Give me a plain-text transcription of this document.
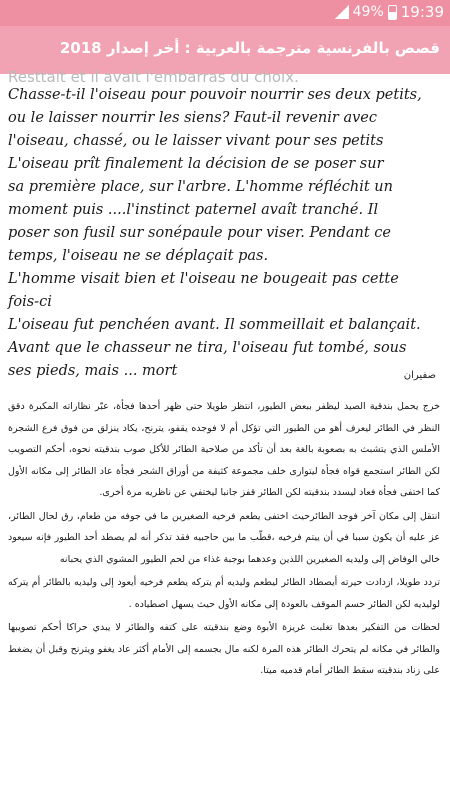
49% 19:39
قصص بالفرنسية مترجمة بالعربية : أخر إصدار 2018
Resttait et il avait l'embarras du choix.
Chasse-t-il l'oiseau pour pouvoir nourrir ses deux petits,
ou le laisser nourrir les siens? Faut-il revenir avec
l'oiseau, chassé, ou le laisser vivant pour ses petits
L'oiseau prît finalement la décision de se poser sur
sa première place, sur l'arbre. L'homme réfléchit un
moment puis ....l'instinct paternel avaît tranché. Il
poser son fusil sur sonépaule pour viser. Pendant ce
temps, l'oiseau ne se déplaçait pas.
L'homme visait bien et l'oiseau ne bougeait pas cette
fois-ci
L'oiseau fut penchéen avant. Il sommeillait et balançait.
Avant que le chasseur ne tira, l'oiseau fut tombé, sous
ses pieds, mais ... mort	صفيران

خرج يحمل بندقية الصيد ليظفر ببعض الطيور، انتظر طويلا حتى ظهر أحدها فجأة، عبّر نظاراته المكبرة دقق النظر في الطائر ليعرف أهو من الطيور التي تؤكل أم لا فوجده يقفو، يترنح، يكاد ينزلق من فوق فرع الشجرة الأملس الذي يتشبث به بصعوبة بالغة بعد أن تأكد من صلاحية الطائر للأكل صوب بندقيته نحوه، أحكم التصويب لكن الطائر استجمع قواه فجأة ليتوارى خلف مجموعة كثيفة من أوراق الشجر فجأة عاد الطائر إلى مكانه الأول كما اختفى فجأة فعاد ليسدد بندقيته لكن الطائر قفز جانبا ليختفي عن ناظريه مرة أخرى.

انتقل إلى مكان آخر فوجد الطائرحيث اختفى يطعم فرخيه الصغيرين ما في جوفه من طعام، رق لحال الطائر، عز عليه أن يكون سببا في أن ييتم فرخيه ،قطّب ما بين حاجبيه فقد تذكر أنه لم يصطد أحد الطيور فإنه سيعود خالي الوفاض إلى وليديه الصغيرين اللذين وعدهما بوجبة غذاء من لحم الطيور المشوي الذي يحبانه

تردد طويلا، ازدادت حيرته أيصطاد الطائر ليطعم وليديه أم يتركه يطعم فرخيه أيعود إلى وليديه بالطائر أم يتركه لوليديه لكن الطائر حسم الموقف بالعودة إلى مكانه الأول حيث يسهل اصطياده .

لحظات من التفكير بعدها تغلبت غريزة الأبوة وضع بندقيته على كتفه والطائر لا يبدي حراكا أحكم تصويبها والطائر في مكانه لم يتحرك الطائر هذه المرة لكنه مال بجسمه إلى الأمام أكثر عاد يغفو ويترنح وقبل أن يضغط على زناد بندقيته سقط الطائر أمام قدميه ميتا.
